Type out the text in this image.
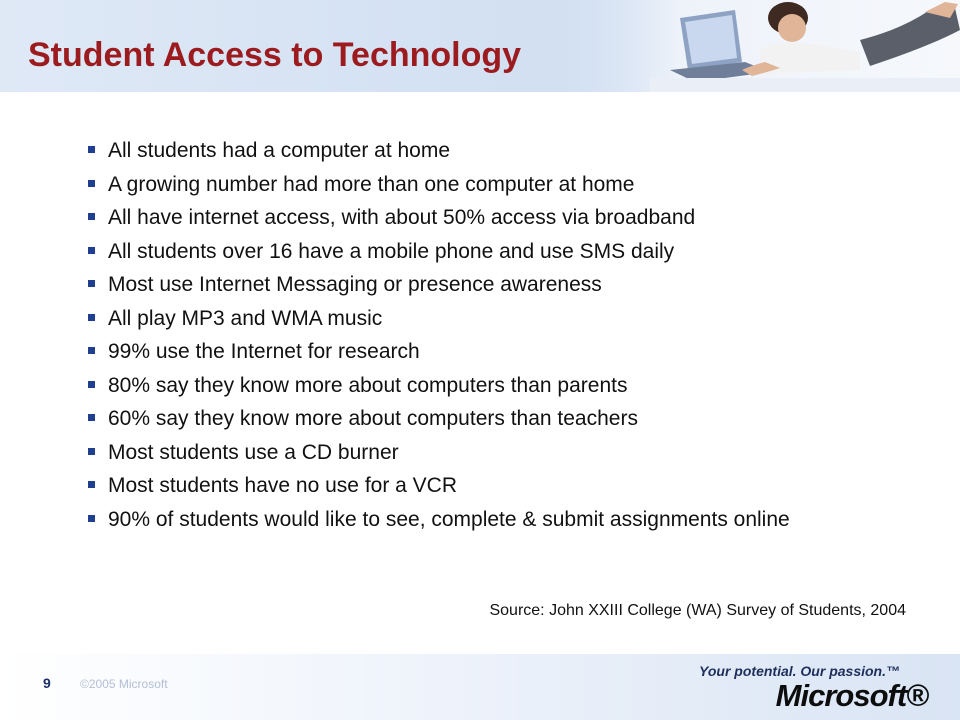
Student Access to Technology
All students had a computer at home
A growing number had more than one computer at home
All have internet access, with about 50% access via broadband
All students over 16 have a mobile phone and use SMS daily
Most use Internet Messaging or presence awareness
All play MP3 and WMA music
99% use the Internet for research
80% say they know more about computers than parents
60% say they know more about computers than teachers
Most students use a CD burner
Most students have no use for a VCR
90% of students would like to see, complete & submit assignments online
Source: John XXIII College (WA) Survey of Students, 2004
9 ©2005 Microsoft
Your potential. Our passion.™
Microsoft®
